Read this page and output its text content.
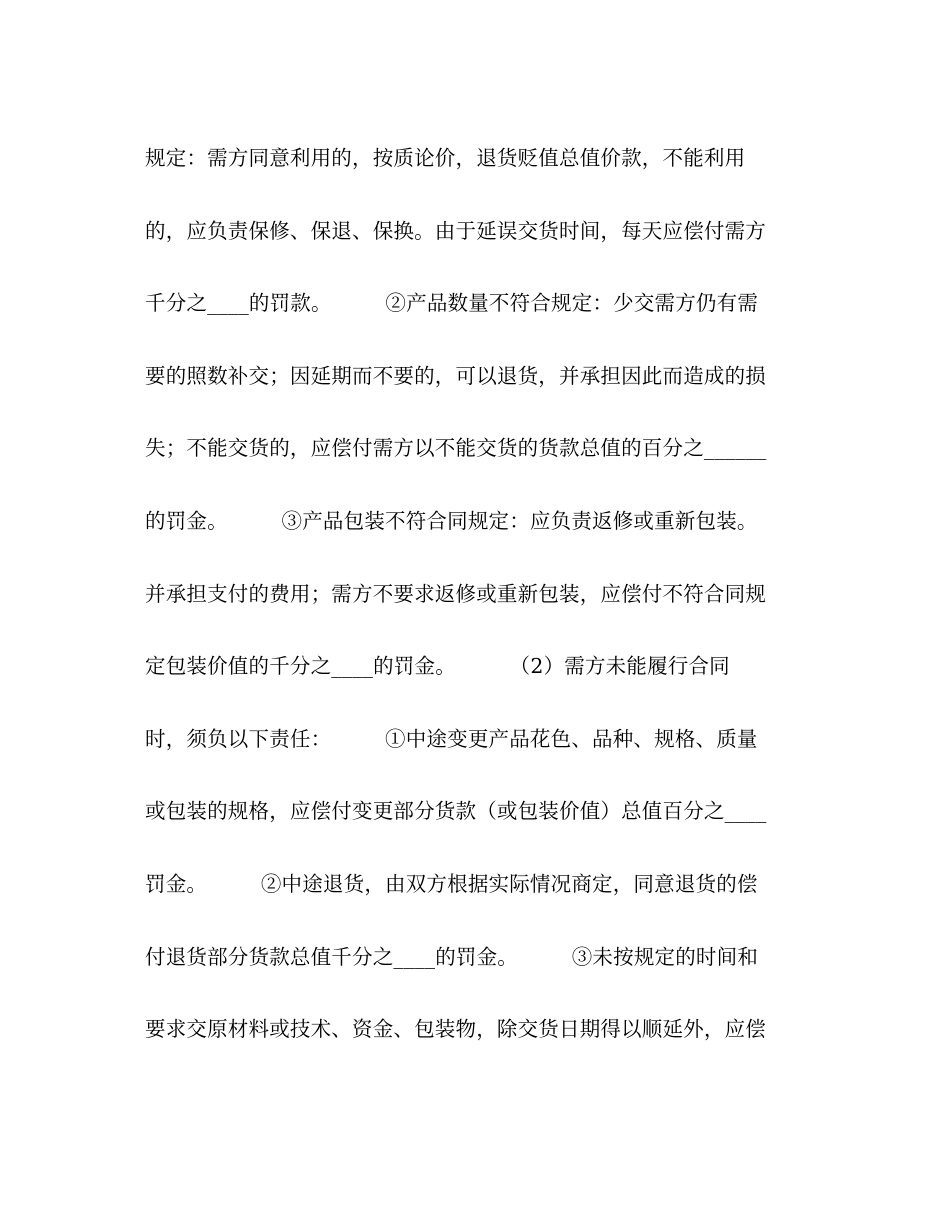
规定：需方同意利用的，按质论价，退货贬值总值价款，不能利用
的，应负责保修、保退、保换。由于延误交货时间，每天应偿付需方
千分之____的罚款。        ②产品数量不符合规定：少交需方仍有需
要的照数补交；因延期而不要的，可以退货，并承担因此而造成的损
失；不能交货的，应偿付需方以不能交货的货款总值的百分之______
的罚金。        ③产品包装不符合同规定：应负责返修或重新包装。
并承担支付的费用；需方不要求返修或重新包装，应偿付不符合同规
定包装价值的千分之____的罚金。        （2）需方未能履行合同
时，须负以下责任：        ①中途变更产品花色、品种、规格、质量
或包装的规格，应偿付变更部分货款（或包装价值）总值百分之____
罚金。        ②中途退货，由双方根据实际情况商定，同意退货的偿
付退货部分货款总值千分之____的罚金。        ③未按规定的时间和
要求交原材料或技术、资金、包装物，除交货日期得以顺延外，应偿
